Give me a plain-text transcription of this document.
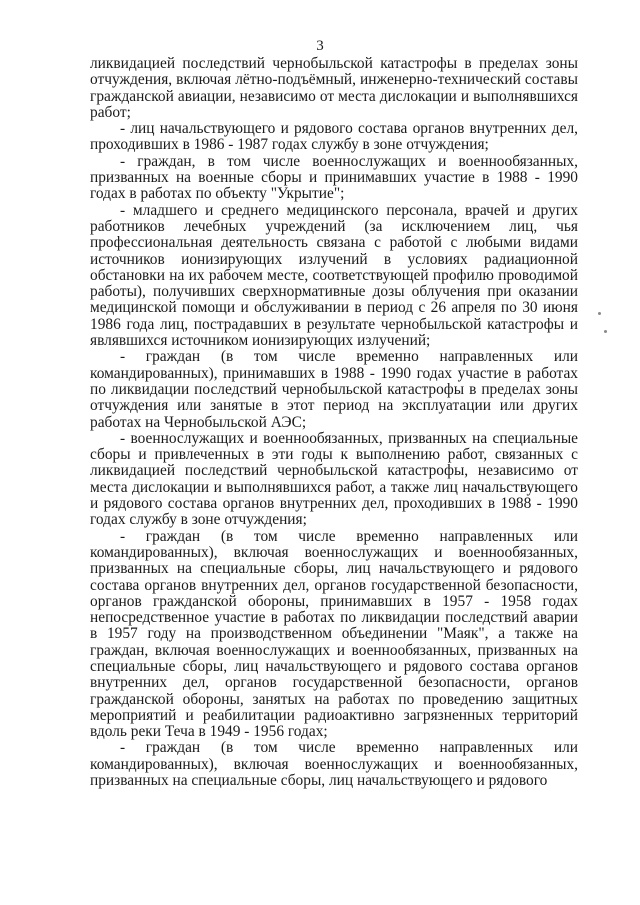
3

ликвидацией последствий чернобыльской катастрофы в пределах зоны отчуждения, включая лётно-подъёмный, инженерно-технический составы гражданской авиации, независимо от места дислокации и выполнявшихся работ;

- лиц начальствующего и рядового состава органов внутренних дел, проходивших в 1986 - 1987 годах службу в зоне отчуждения;

- граждан, в том числе военнослужащих и военнообязанных, призванных на военные сборы и принимавших участие в 1988 - 1990 годах в работах по объекту "Укрытие";

- младшего и среднего медицинского персонала, врачей и других работников лечебных учреждений (за исключением лиц, чья профессиональная деятельность связана с работой с любыми видами источников ионизирующих излучений в условиях радиационной обстановки на их рабочем месте, соответствующей профилю проводимой работы), получивших сверхнормативные дозы облучения при оказании медицинской помощи и обслуживании в период с 26 апреля по 30 июня 1986 года лиц, пострадавших в результате чернобыльской катастрофы и являвшихся источником ионизирующих излучений;

- граждан (в том числе временно направленных или командированных), принимавших в 1988 - 1990 годах участие в работах по ликвидации последствий чернобыльской катастрофы в пределах зоны отчуждения или занятые в этот период на эксплуатации или других работах на Чернобыльской АЭС;

- военнослужащих и военнообязанных, призванных на специальные сборы и привлеченных в эти годы к выполнению работ, связанных с ликвидацией последствий чернобыльской катастрофы, независимо от места дислокации и выполнявшихся работ, а также лиц начальствующего и рядового состава органов внутренних дел, проходивших в 1988 - 1990 годах службу в зоне отчуждения;

- граждан (в том числе временно направленных или командированных), включая военнослужащих и военнообязанных, призванных на специальные сборы, лиц начальствующего и рядового состава органов внутренних дел, органов государственной безопасности, органов гражданской обороны, принимавших в 1957 - 1958 годах непосредственное участие в работах по ликвидации последствий аварии в 1957 году на производственном объединении "Маяк", а также на граждан, включая военнослужащих и военнообязанных, призванных на специальные сборы, лиц начальствующего и рядового состава органов внутренних дел, органов государственной безопасности, органов гражданской обороны, занятых на работах по проведению защитных мероприятий и реабилитации радиоактивно загрязненных территорий вдоль реки Теча в 1949 - 1956 годах;

- граждан (в том числе временно направленных или командированных), включая военнослужащих и военнообязанных, призванных на специальные сборы, лиц начальствующего и рядового
